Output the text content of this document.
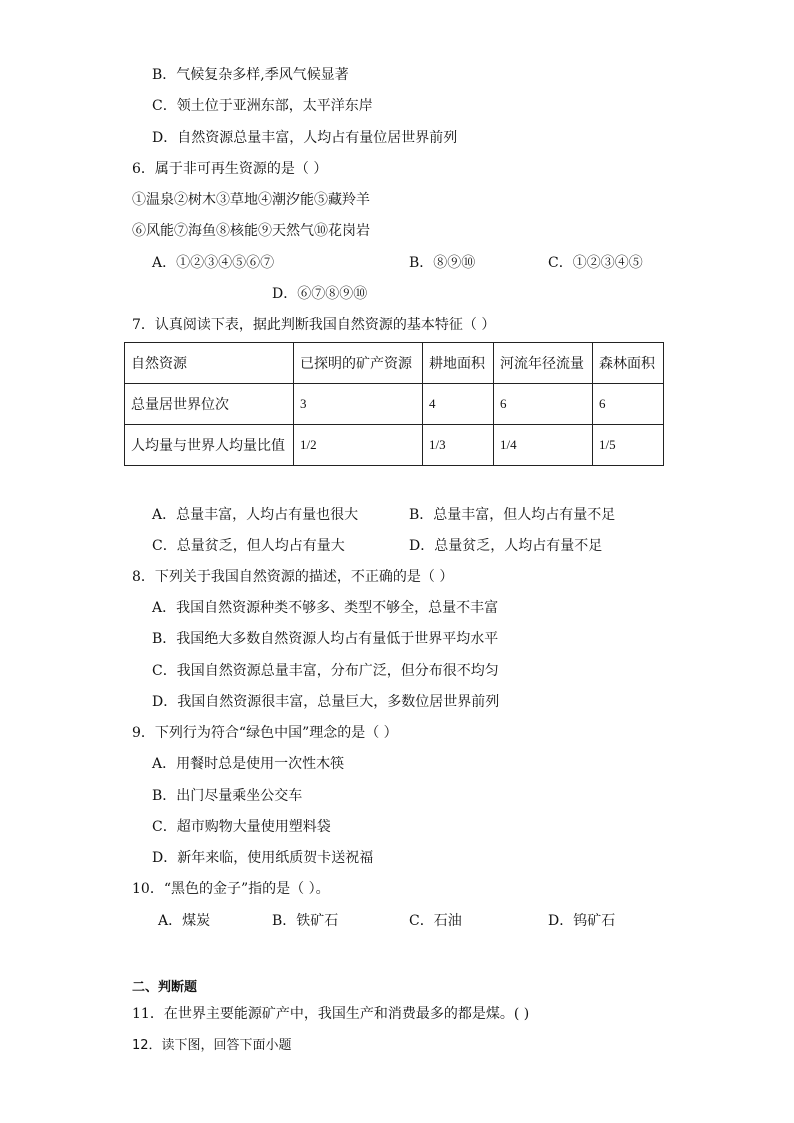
B．气候复杂多样,季风气候显著
C．领土位于亚洲东部，太平洋东岸
D．自然资源总量丰富，人均占有量位居世界前列
6．属于非可再生资源的是（ ）
①温泉②树木③草地④潮汐能⑤藏羚羊
⑥风能⑦海鱼⑧核能⑨天然气⑩花岗岩
A．①②③④⑤⑥⑦	B．⑧⑨⑩	C．①②③④⑤
D．⑥⑦⑧⑨⑩
7．认真阅读下表，据此判断我国自然资源的基本特征（ ）
自然资源	已探明的矿产资源	耕地面积	河流年径流量	森林面积
总量居世界位次	3	4	6	6
人均量与世界人均量比值	1/2	1/3	1/4	1/5
A．总量丰富，人均占有量也很大	B．总量丰富，但人均占有量不足
C．总量贫乏，但人均占有量大	D．总量贫乏，人均占有量不足
8．下列关于我国自然资源的描述，不正确的是（ ）
A．我国自然资源种类不够多、类型不够全，总量不丰富
B．我国绝大多数自然资源人均占有量低于世界平均水平
C．我国自然资源总量丰富，分布广泛，但分布很不均匀
D．我国自然资源很丰富，总量巨大，多数位居世界前列
9．下列行为符合“绿色中国”理念的是（ ）
A．用餐时总是使用一次性木筷
B．出门尽量乘坐公交车
C．超市购物大量使用塑料袋
D．新年来临，使用纸质贺卡送祝福
10．“黑色的金子”指的是（ ）。
A．煤炭	B．铁矿石	C．石油	D．钨矿石
二、判断题
11．在世界主要能源矿产中，我国生产和消费最多的都是煤。( )
12．读下图，回答下面小题
